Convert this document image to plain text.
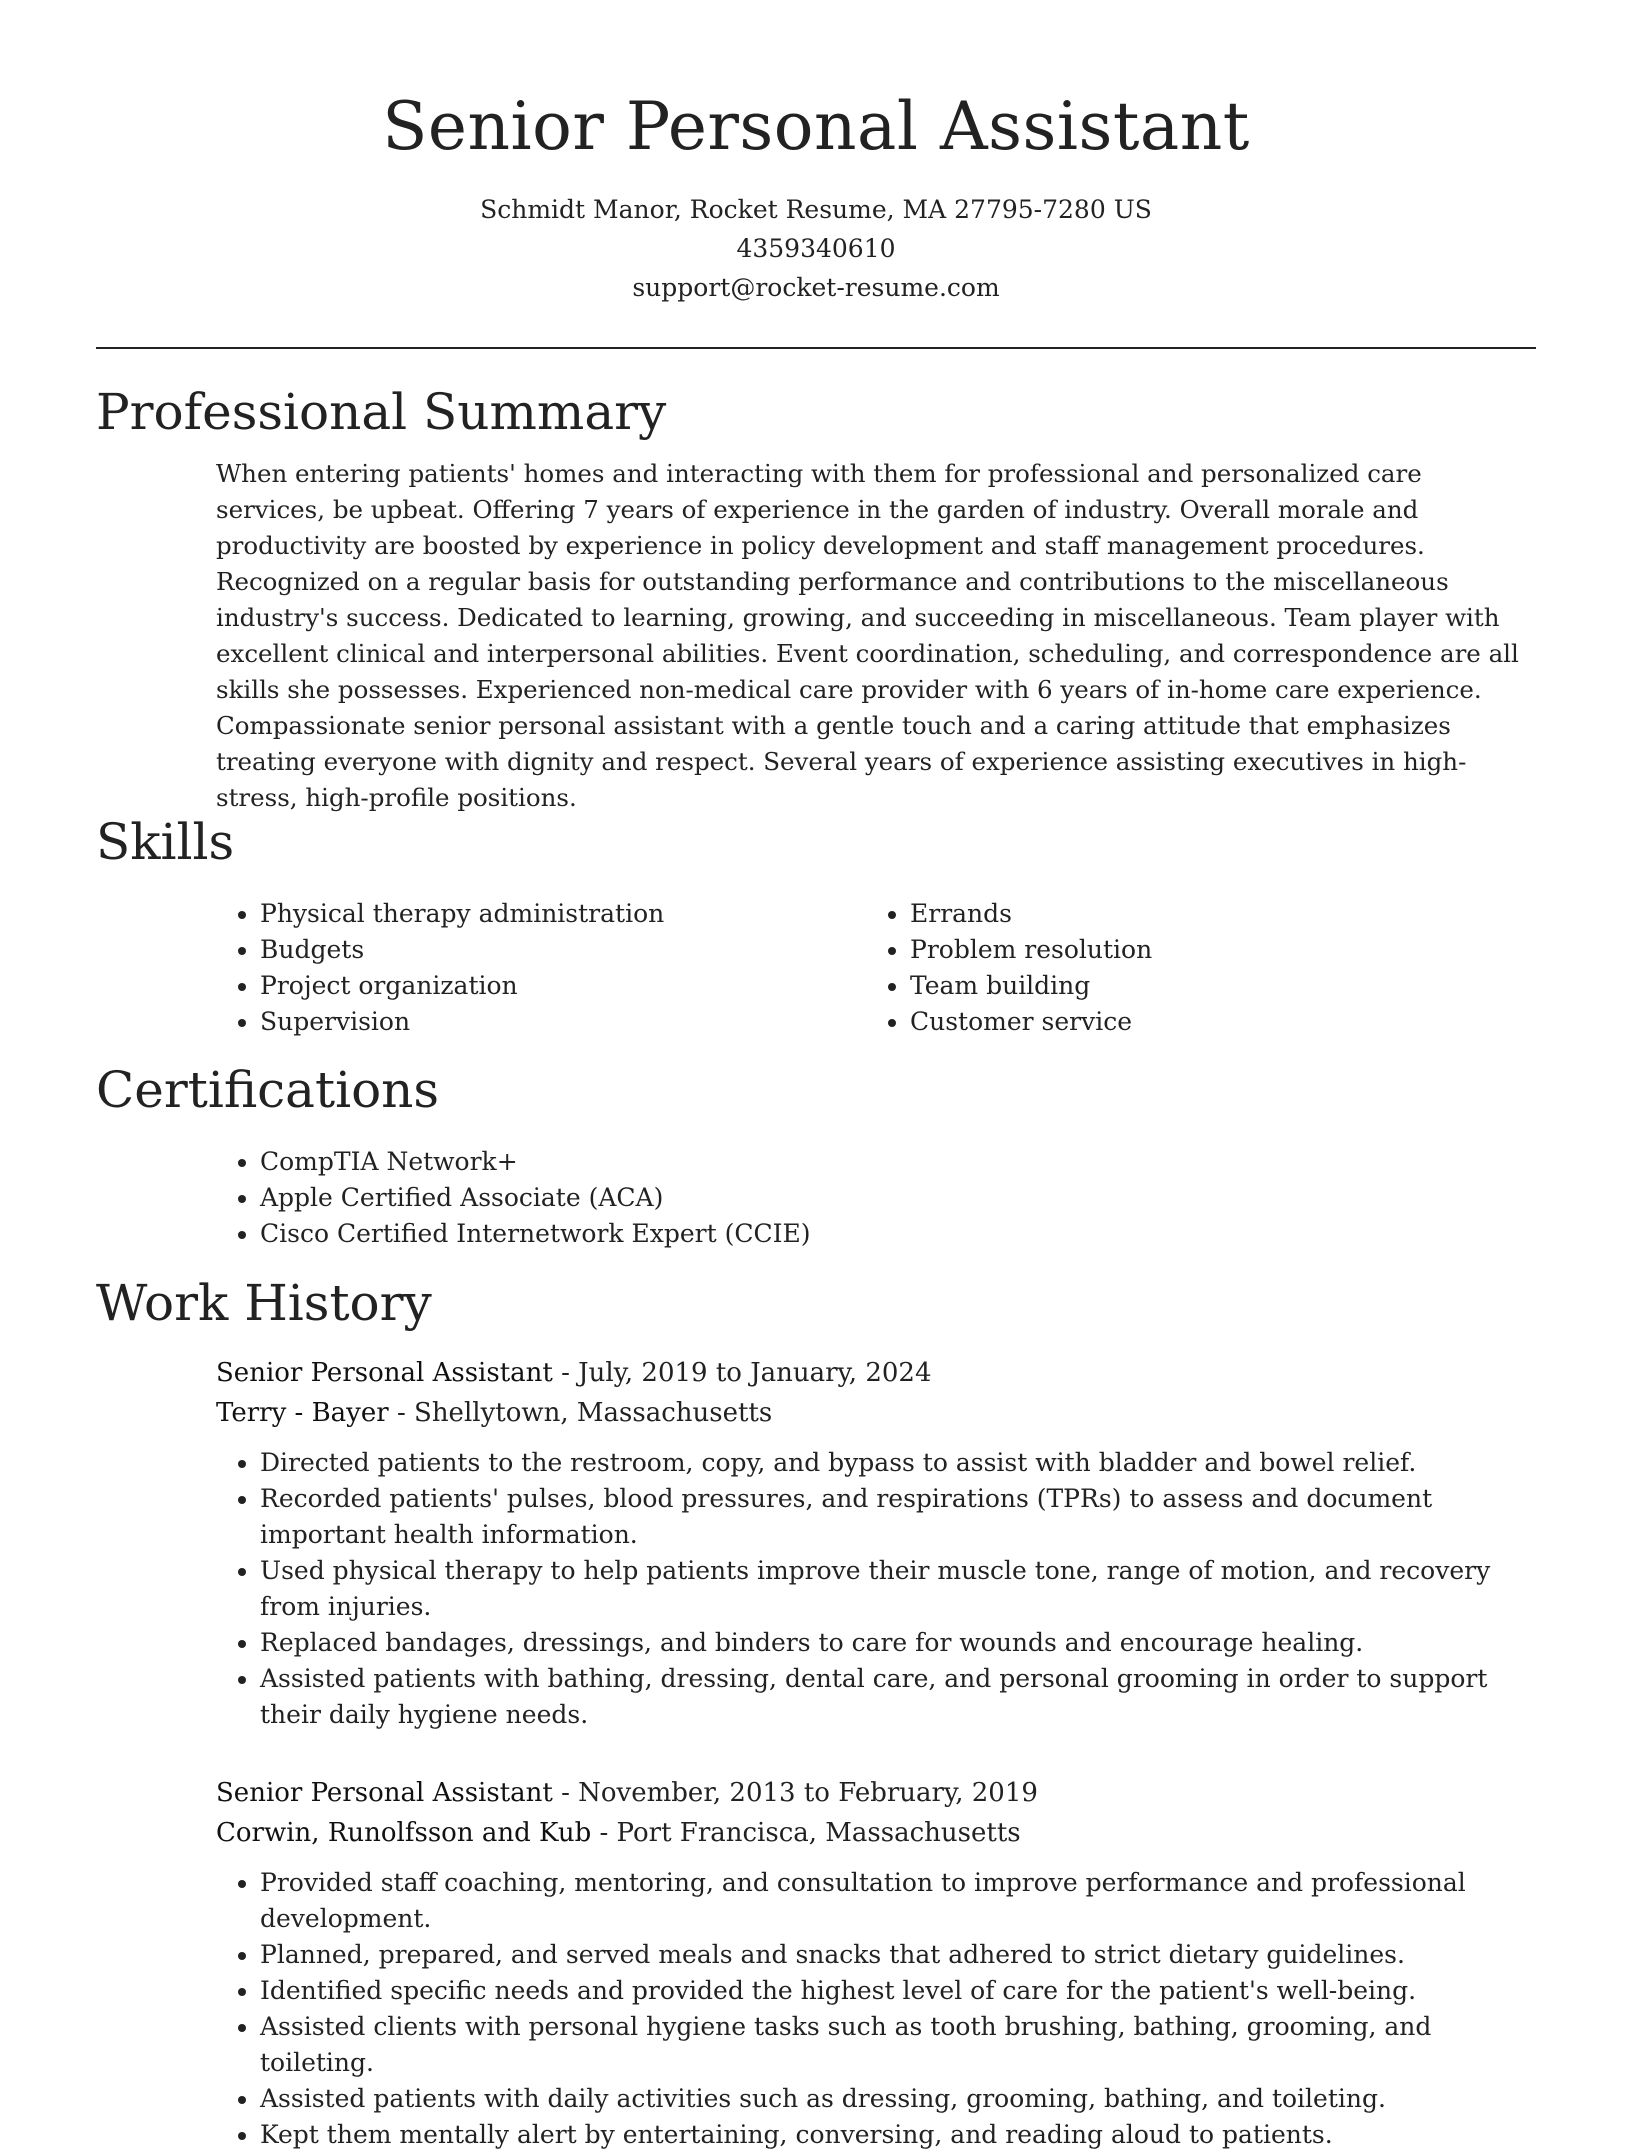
Senior Personal Assistant
Schmidt Manor, Rocket Resume, MA 27795-7280 US
4359340610
support@rocket-resume.com
Professional Summary

When entering patients' homes and interacting with them for professional and personalized care services, be upbeat. Offering 7 years of experience in the garden of industry. Overall morale and productivity are boosted by experience in policy development and staff management procedures. Recognized on a regular basis for outstanding performance and contributions to the miscellaneous industry's success. Dedicated to learning, growing, and succeeding in miscellaneous. Team player with excellent clinical and interpersonal abilities. Event coordination, scheduling, and correspondence are all skills she possesses. Experienced non-medical care provider with 6 years of in-home care experience. Compassionate senior personal assistant with a gentle touch and a caring attitude that emphasizes treating everyone with dignity and respect. Several years of experience assisting executives in high-stress, high-profile positions.

Skills
• Physical therapy administration
• Budgets
• Project organization
• Supervision
• Errands
• Problem resolution
• Team building
• Customer service
Certifications
• CompTIA Network+
• Apple Certified Associate (ACA)
• Cisco Certified Internetwork Expert (CCIE)
Work History
Senior Personal Assistant - July, 2019 to January, 2024
Terry - Bayer - Shellytown, Massachusetts
• Directed patients to the restroom, copy, and bypass to assist with bladder and bowel relief.
• Recorded patients' pulses, blood pressures, and respirations (TPRs) to assess and document important health information.
• Used physical therapy to help patients improve their muscle tone, range of motion, and recovery from injuries.
• Replaced bandages, dressings, and binders to care for wounds and encourage healing.
• Assisted patients with bathing, dressing, dental care, and personal grooming in order to support their daily hygiene needs.
Senior Personal Assistant - November, 2013 to February, 2019
Corwin, Runolfsson and Kub - Port Francisca, Massachusetts
• Provided staff coaching, mentoring, and consultation to improve performance and professional development.
• Planned, prepared, and served meals and snacks that adhered to strict dietary guidelines.
• Identified specific needs and provided the highest level of care for the patient's well-being.
• Assisted clients with personal hygiene tasks such as tooth brushing, bathing, grooming, and toileting.
• Assisted patients with daily activities such as dressing, grooming, bathing, and toileting.
• Kept them mentally alert by entertaining, conversing, and reading aloud to patients.
